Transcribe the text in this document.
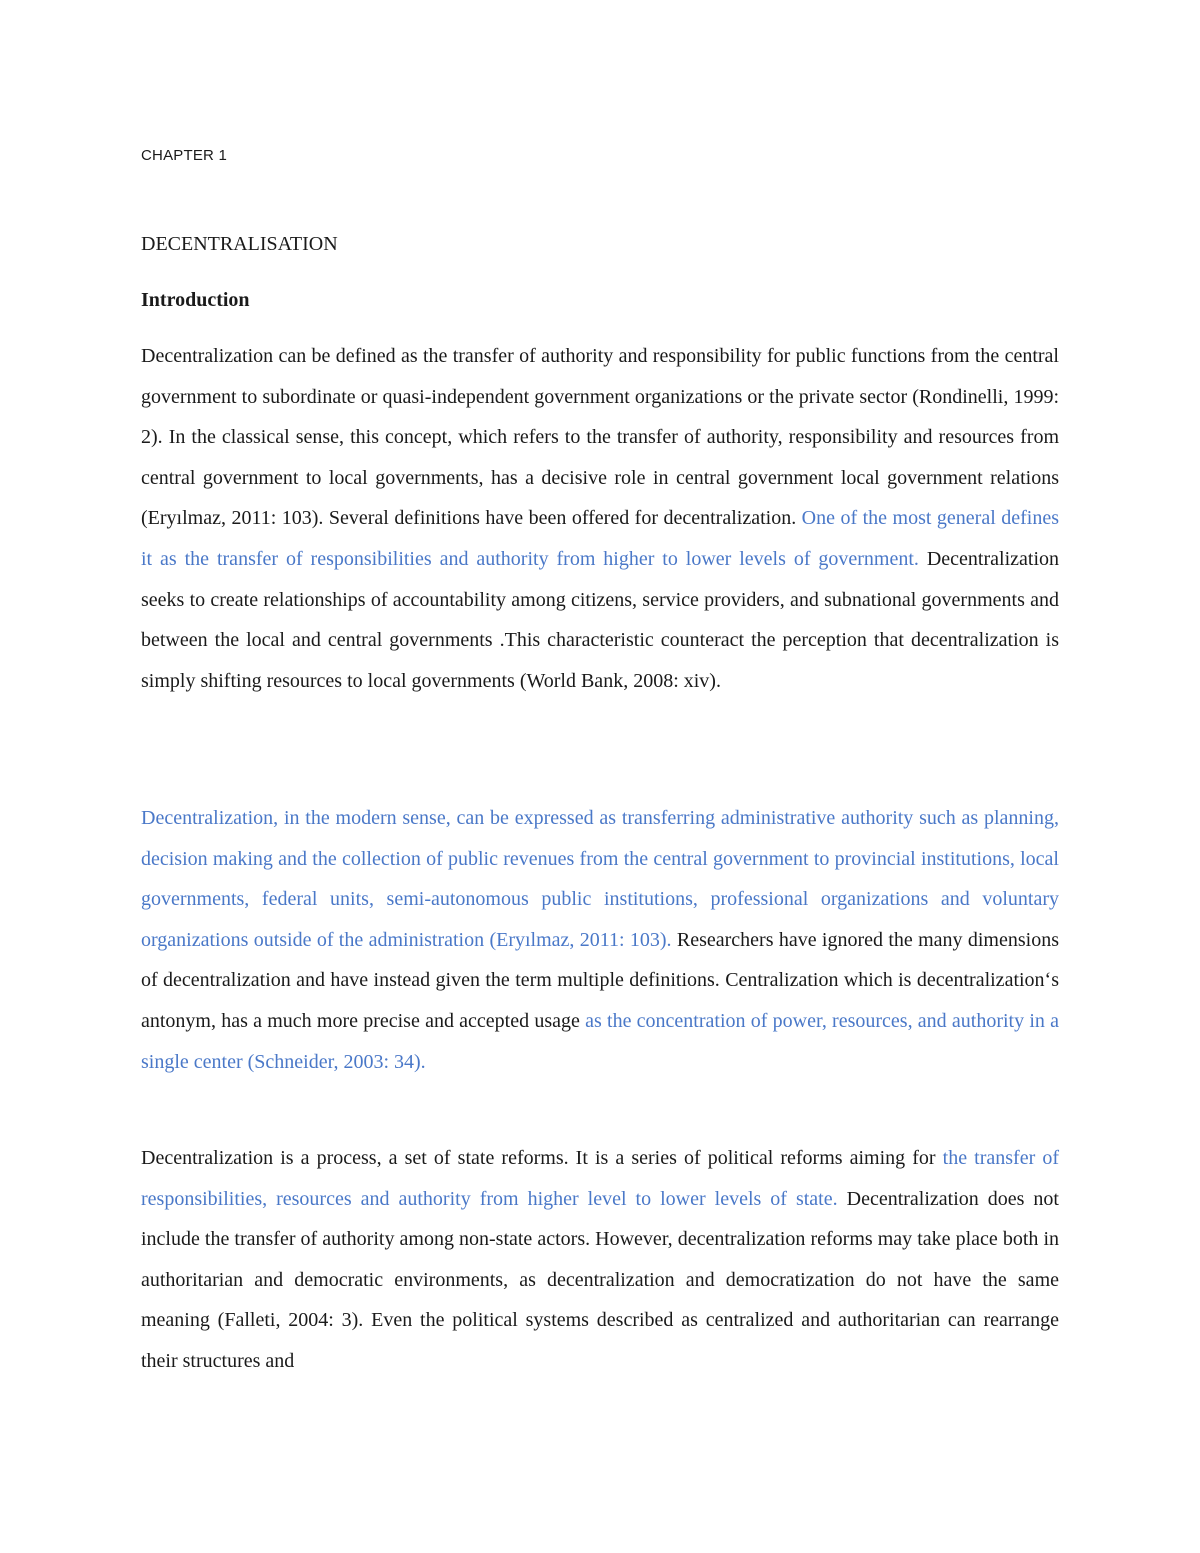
CHAPTER 1

DECENTRALISATION

Introduction

Decentralization can be defined as the transfer of authority and responsibility for public functions from the central government to subordinate or quasi-independent government organizations or the private sector (Rondinelli, 1999: 2). In the classical sense, this concept, which refers to the transfer of authority, responsibility and resources from central government to local governments, has a decisive role in central government local government relations (Eryılmaz, 2011: 103). Several definitions have been offered for decentralization. One of the most general defines it as the transfer of responsibilities and authority from higher to lower levels of government. Decentralization seeks to create relationships of accountability among citizens, service providers, and subnational governments and between the local and central governments .This characteristic counteract the perception that decentralization is simply shifting resources to local governments (World Bank, 2008: xiv).

Decentralization, in the modern sense, can be expressed as transferring administrative authority such as planning, decision making and the collection of public revenues from the central government to provincial institutions, local governments, federal units, semi-autonomous public institutions, professional organizations and voluntary organizations outside of the administration (Eryılmaz, 2011: 103). Researchers have ignored the many dimensions of decentralization and have instead given the term multiple definitions. Centralization which is decentralization‘s antonym, has a much more precise and accepted usage as the concentration of power, resources, and authority in a single center (Schneider, 2003: 34).

Decentralization is a process, a set of state reforms. It is a series of political reforms aiming for the transfer of responsibilities, resources and authority from higher level to lower levels of state. Decentralization does not include the transfer of authority among non-state actors. However, decentralization reforms may take place both in authoritarian and democratic environments, as decentralization and democratization do not have the same meaning (Falleti, 2004: 3). Even the political systems described as centralized and authoritarian can rearrange their structures and
